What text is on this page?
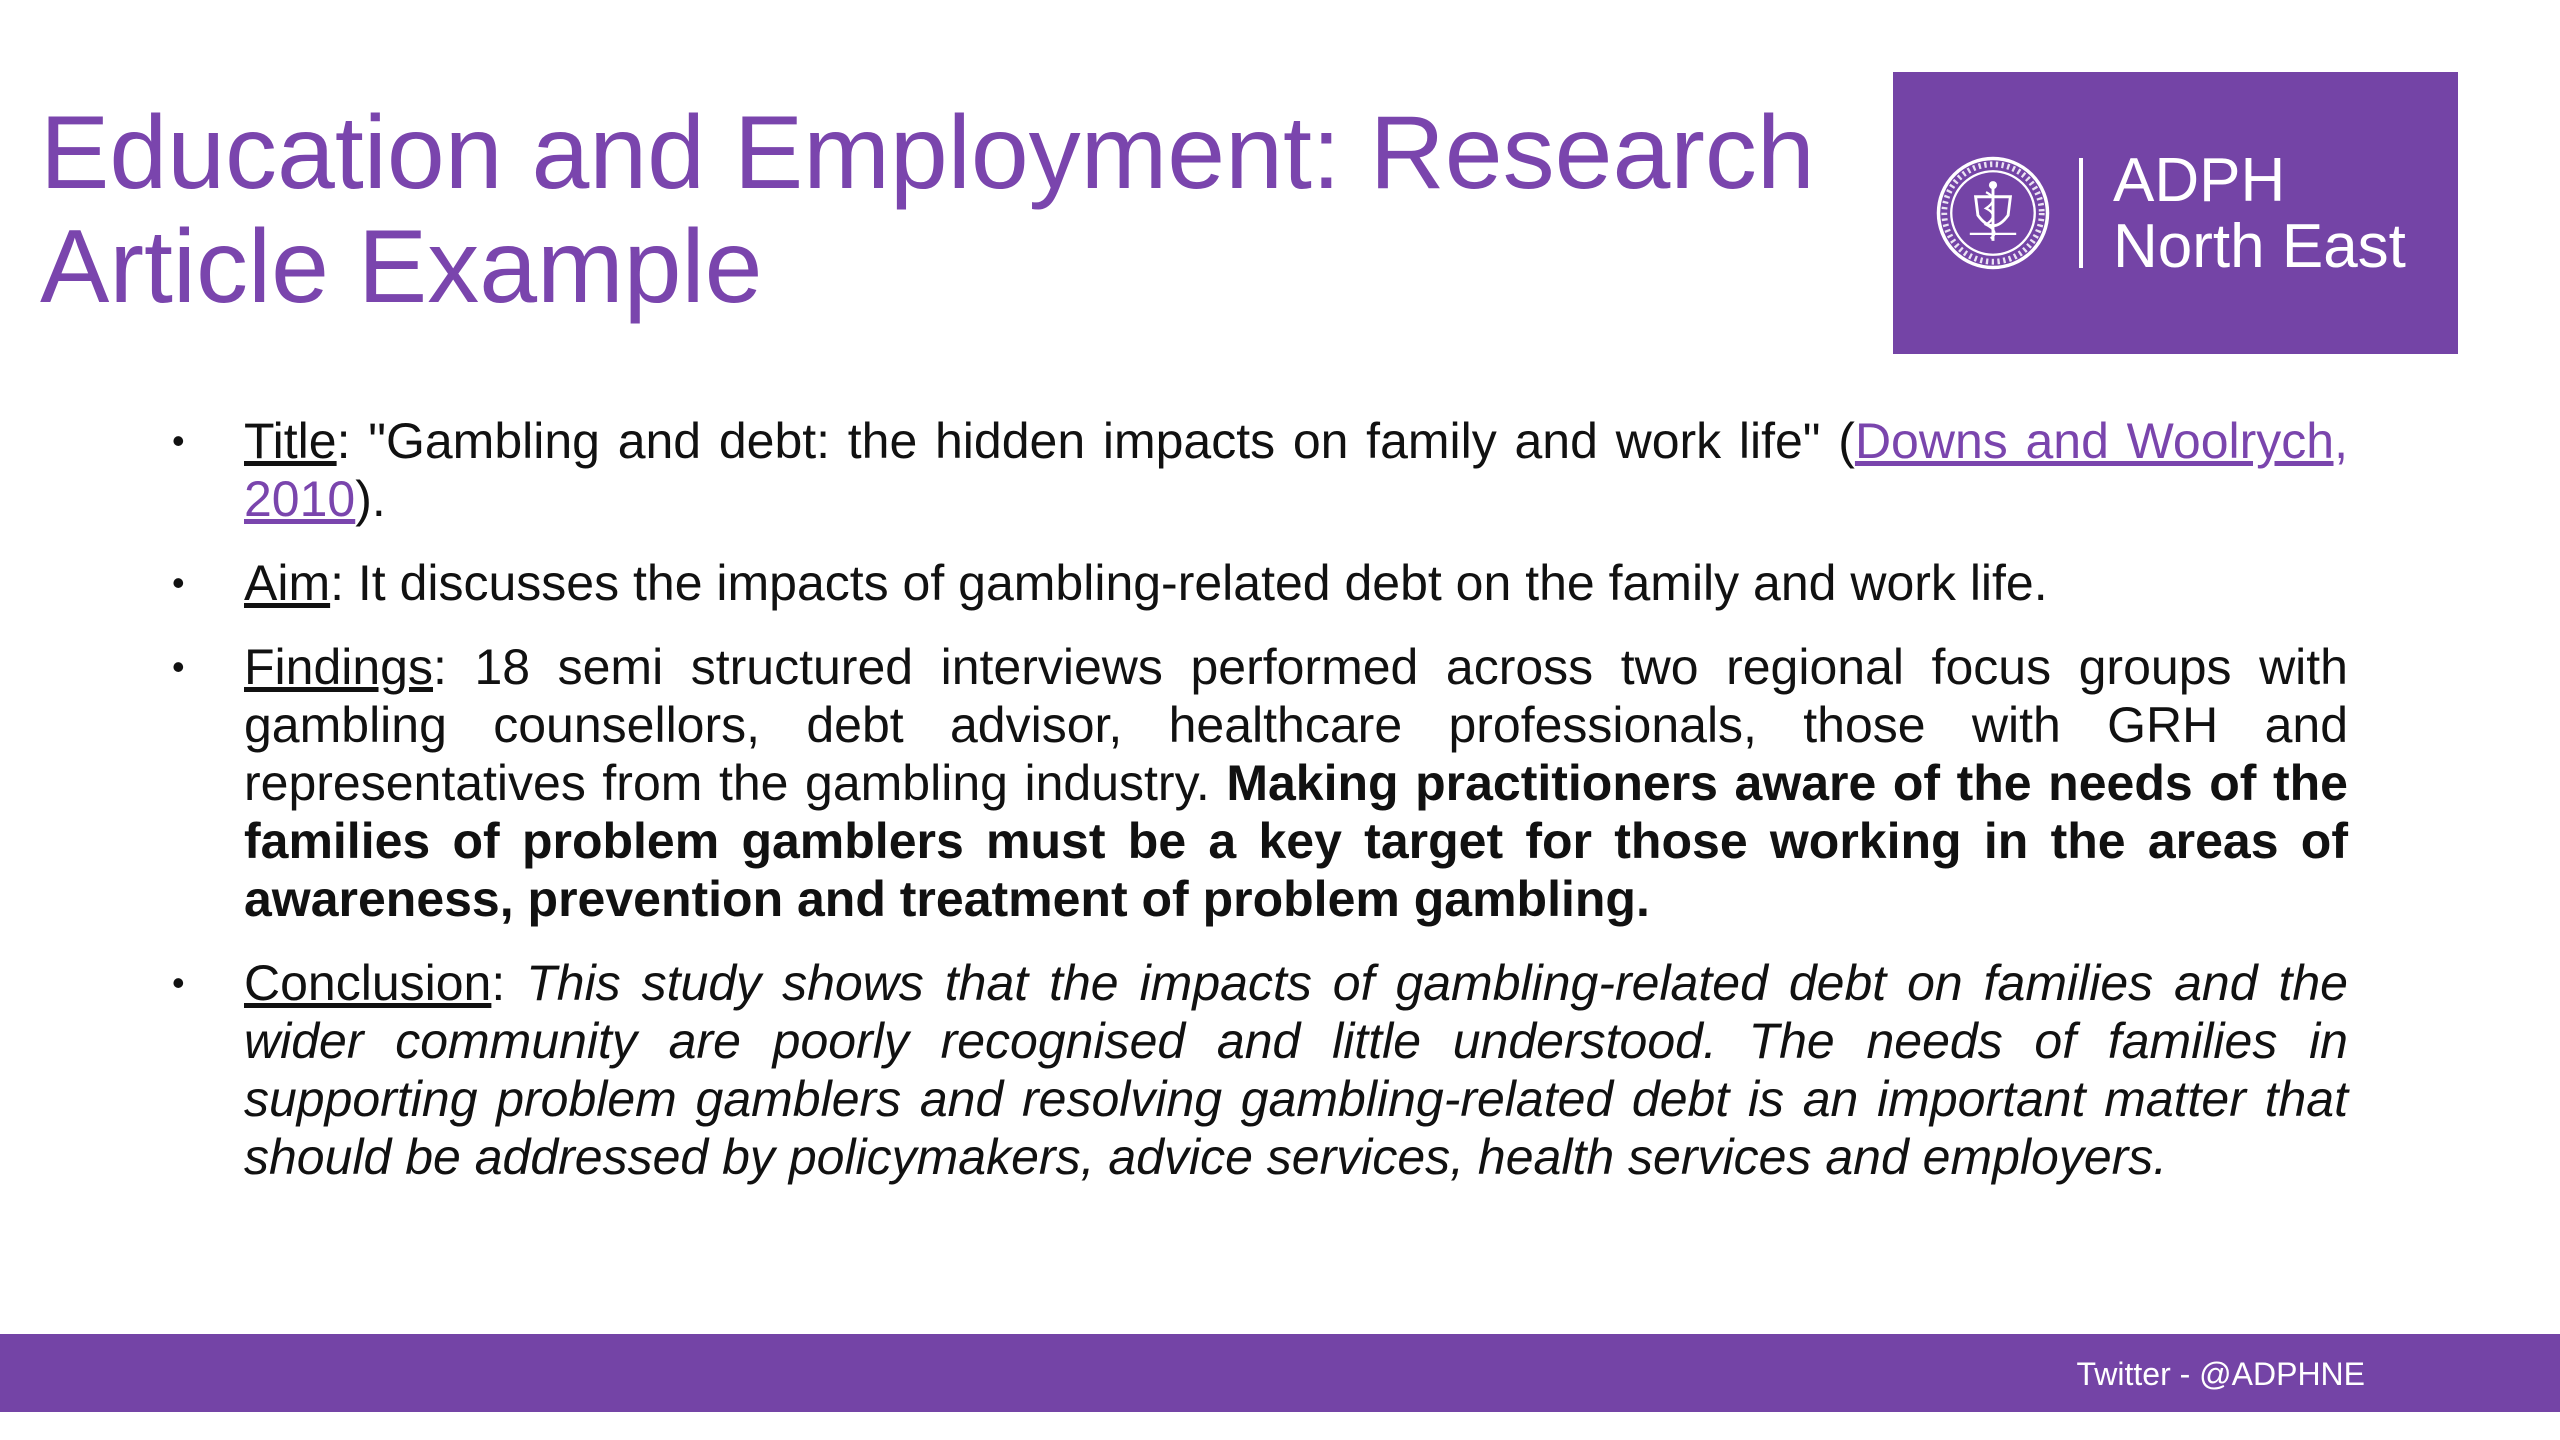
Education and Employment: Research
Article Example
ADPH
North East
• Title: "Gambling and debt: the hidden impacts on family and work life" (Downs and Woolrych, 2010).
• Aim: It discusses the impacts of gambling-related debt on the family and work life.
• Findings: 18 semi structured interviews performed across two regional focus groups with gambling counsellors, debt advisor, healthcare professionals, those with GRH and representatives from the gambling industry. Making practitioners aware of the needs of the families of problem gamblers must be a key target for those working in the areas of awareness, prevention and treatment of problem gambling.
• Conclusion: This study shows that the impacts of gambling-related debt on families and the wider community are poorly recognised and little understood. The needs of families in supporting problem gamblers and resolving gambling-related debt is an important matter that should be addressed by policymakers, advice services, health services and employers.
Twitter - @ADPHNE
